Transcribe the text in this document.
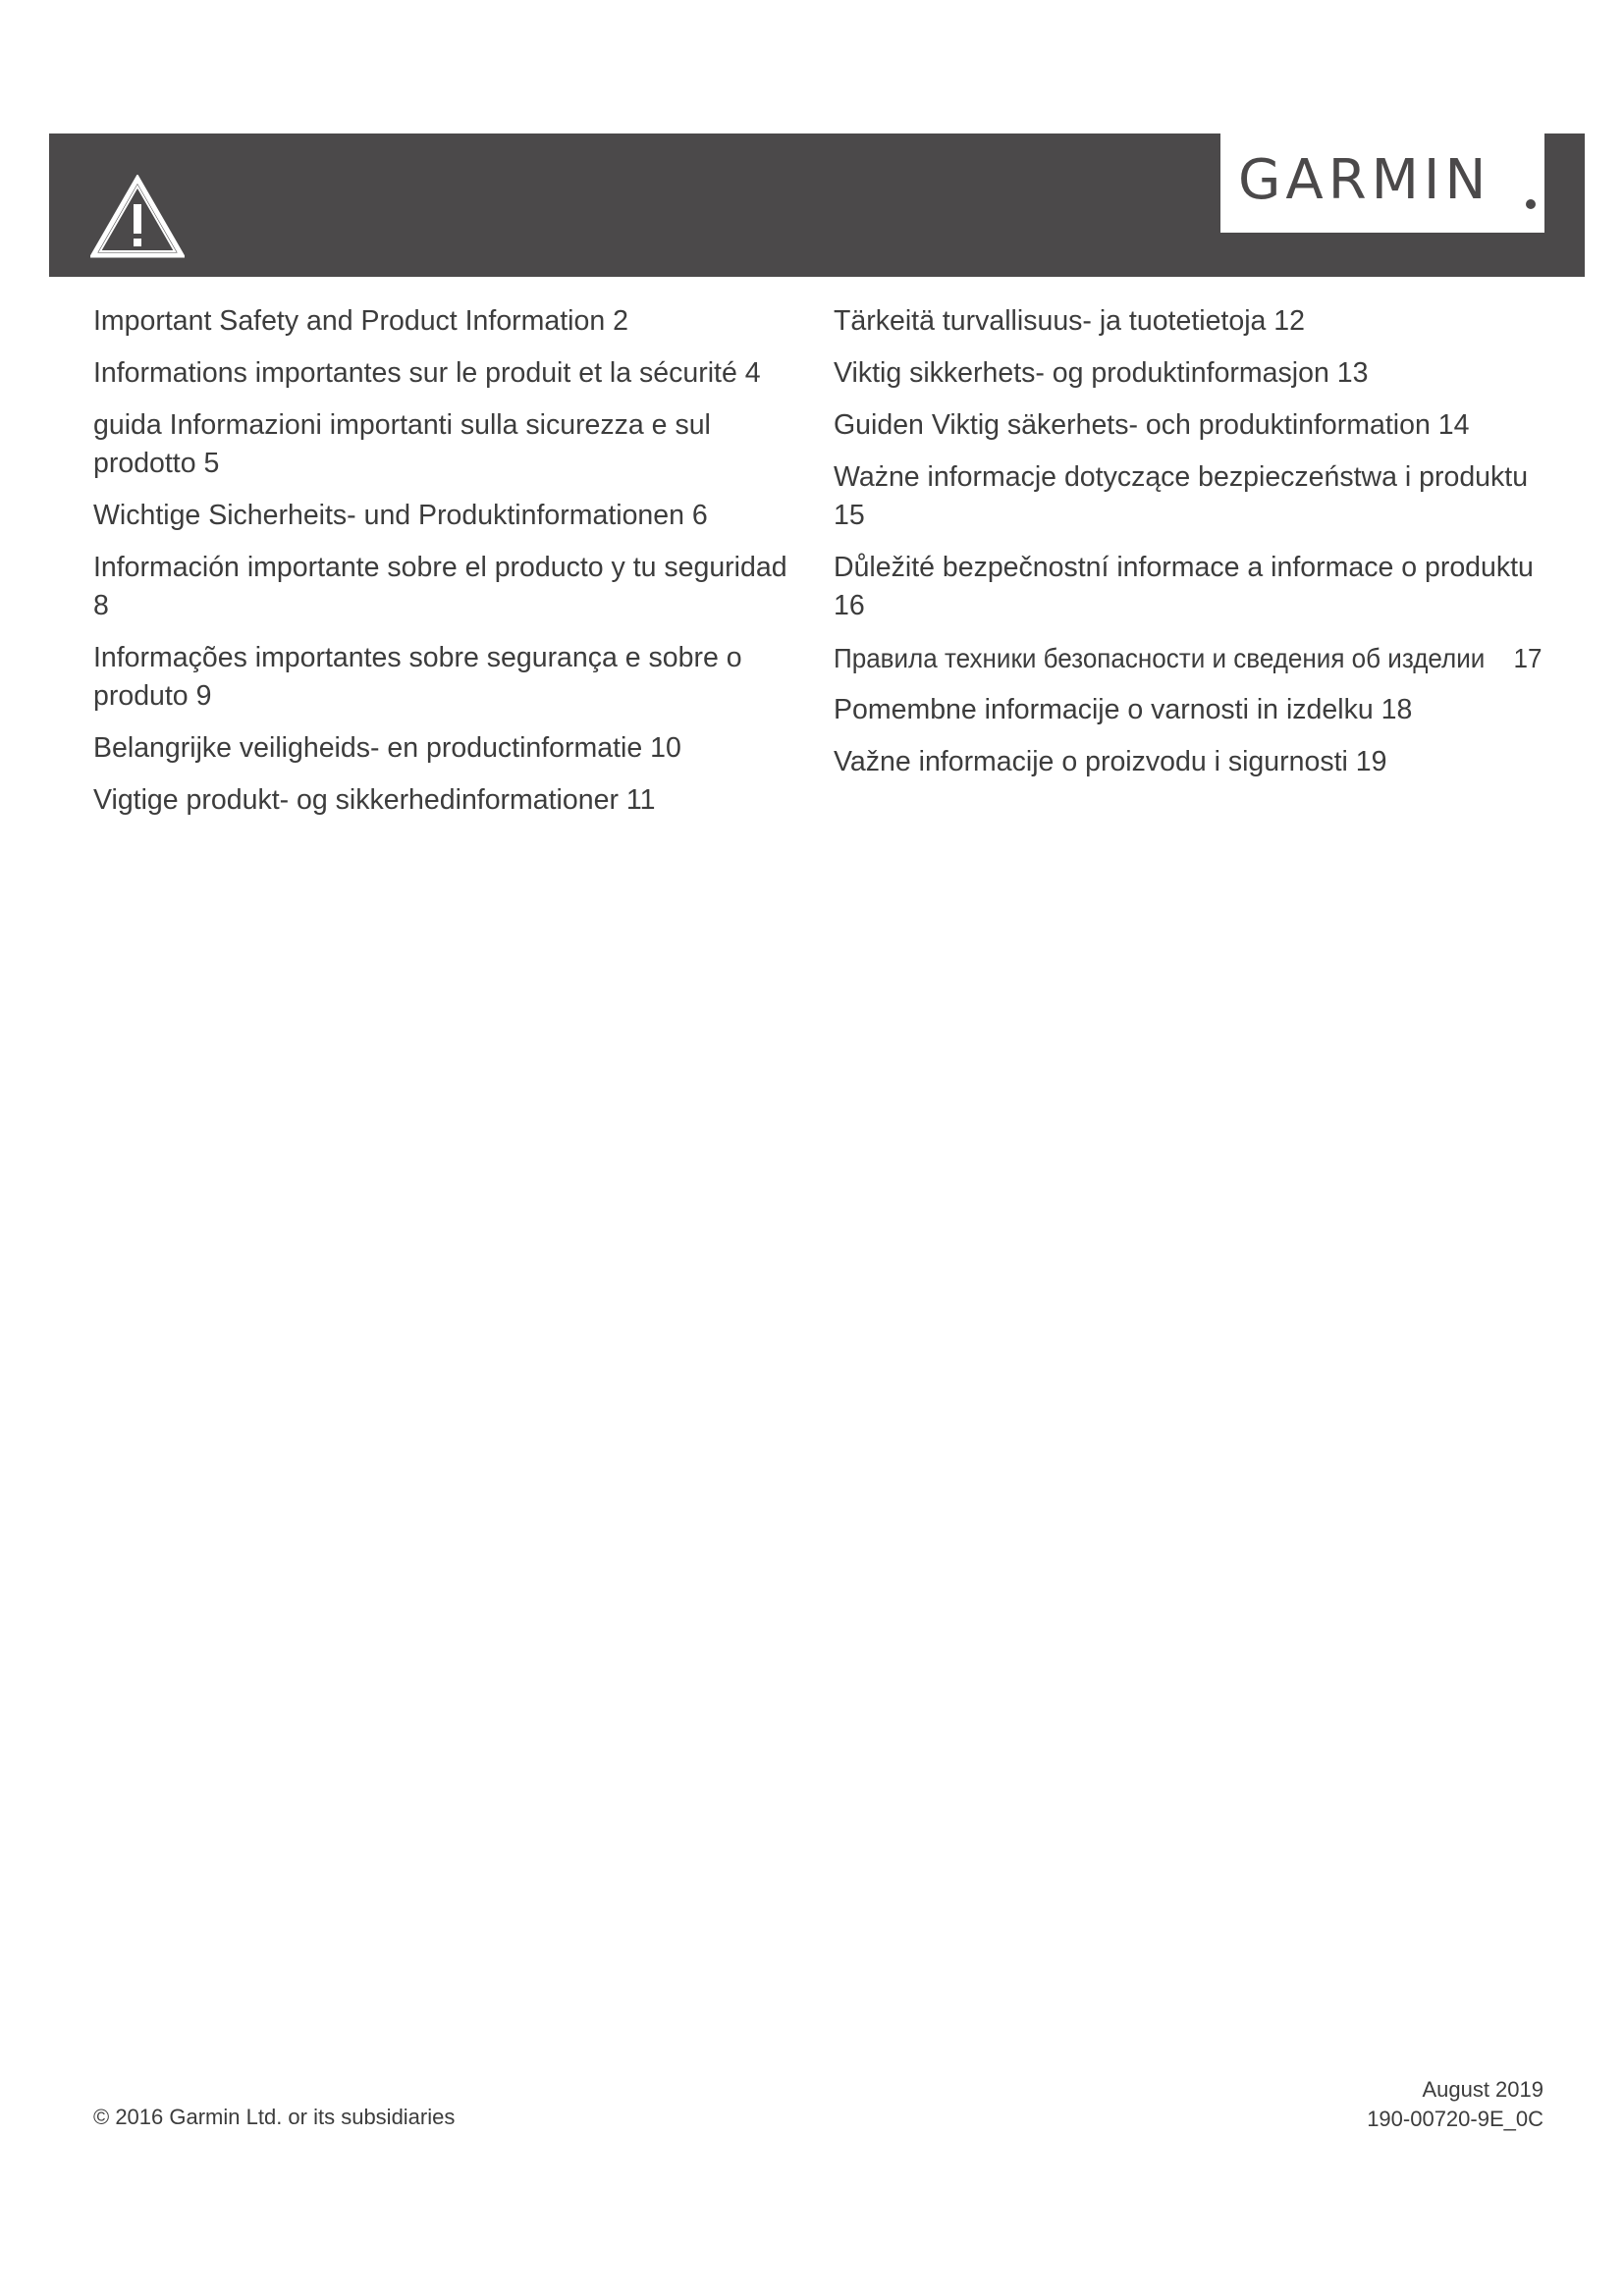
GARMIN
Important Safety and Product Information 2
Informations importantes sur le produit et la sécurité 4
guida Informazioni importanti sulla sicurezza e sul prodotto 5
Wichtige Sicherheits- und Produktinformationen 6
Información importante sobre el producto y tu seguridad 8
Informações importantes sobre segurança e sobre o produto 9
Belangrijke veiligheids- en productinformatie 10
Vigtige produkt- og sikkerhedinformationer 11
Tärkeitä turvallisuus- ja tuotetietoja 12
Viktig sikkerhets- og produktinformasjon 13
Guiden Viktig säkerhets- och produktinformation 14
Ważne informacje dotyczące bezpieczeństwa i produktu 15
Důležité bezpečnostní informace a informace o produktu 16
Правила техники безопасности и сведения об изделии 17
Pomembne informacije o varnosti in izdelku 18
Važne informacije o proizvodu i sigurnosti 19
© 2016 Garmin Ltd. or its subsidiaries
August 2019
190-00720-9E_0C
